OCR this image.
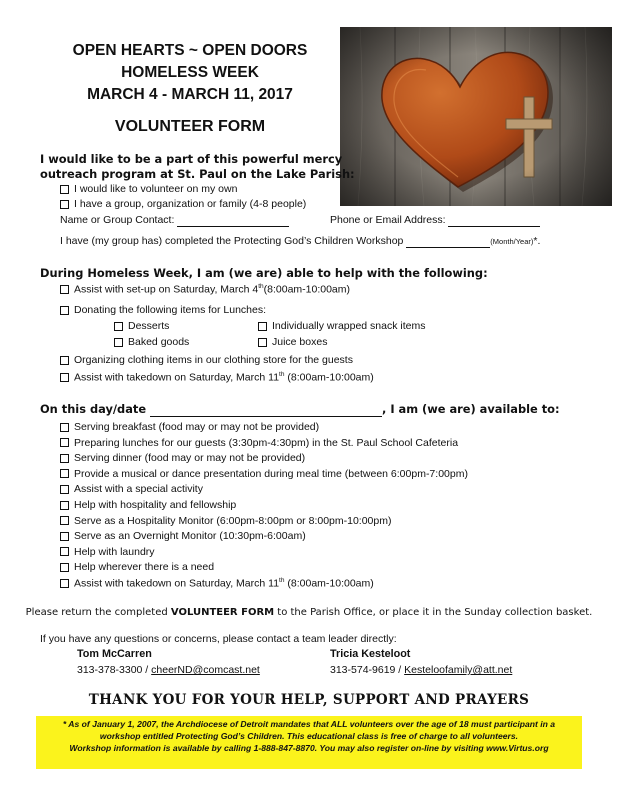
OPEN HEARTS ~ OPEN DOORS
HOMELESS WEEK
MARCH 4 - MARCH 11, 2017
VOLUNTEER FORM
I would like to be a part of this powerful mercy
outreach program at St. Paul on the Lake Parish:
I would like to volunteer on my own
I have a group, organization or family (4-8 people)
Name or Group Contact:	Phone or Email Address:
I have (my group has) completed the Protecting God’s Children Workshop	(Month/Year)*.
During Homeless Week, I am (we are) able to help with the following:
Assist with set-up on Saturday, March 4th(8:00am-10:00am)
Donating the following items for Lunches:
Desserts	Individually wrapped snack items
Baked goods	Juice boxes
Organizing clothing items in our clothing store for the guests
Assist with takedown on Saturday, March 11th (8:00am-10:00am)
On this day/date	, I am (we are) available to:
Serving breakfast (food may or may not be provided)
Preparing lunches for our guests (3:30pm-4:30pm) in the St. Paul School Cafeteria
Serving dinner (food may or may not be provided)
Provide a musical or dance presentation during meal time (between 6:00pm-7:00pm)
Assist with a special activity
Help with hospitality and fellowship
Serve as a Hospitality Monitor (6:00pm-8:00pm or 8:00pm-10:00pm)
Serve as an Overnight Monitor (10:30pm-6:00am)
Help with laundry
Help wherever there is a need
Assist with takedown on Saturday, March 11th (8:00am-10:00am)
Please return the completed VOLUNTEER FORM to the Parish Office, or place it in the Sunday collection basket.
If you have any questions or concerns, please contact a team leader directly:
Tom McCarren
313-378-3300 / cheerND@comcast.net
Tricia Kesteloot
313-574-9619 / Kesteloofamily@att.net
THANK YOU FOR YOUR HELP, SUPPORT AND PRAYERS
* As of January 1, 2007, the Archdiocese of Detroit mandates that ALL volunteers over the age of 18 must participant in a
workshop entitled Protecting God’s Children. This educational class is free of charge to all volunteers.
Workshop information is available by calling 1-888-847-8870. You may also register on-line by visiting www.Virtus.org
